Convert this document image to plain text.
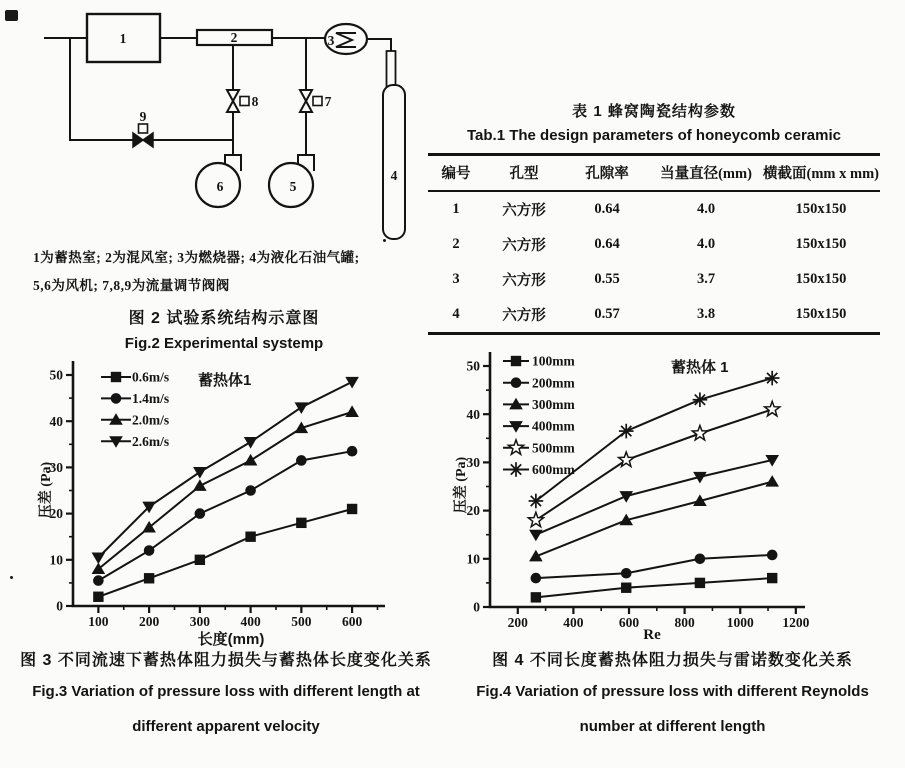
1	2	3
4
5
6
7
8
9
1为蓄热室; 2为混风室; 3为燃烧器; 4为液化石油气罐;
5,6为风机; 7,8,9为流量调节阀阀
图 2 试验系统结构示意图
Fig.2 Experimental systemp
表 1 蜂窝陶瓷结构参数
Tab.1 The design parameters of honeycomb ceramic
编号	孔型	孔隙率	当量直径(mm)	横截面(mm x mm)
1	六方形	0.64	4.0	150x150
2	六方形	0.64	4.0	150x150
3	六方形	0.55	3.7	150x150
4	六方形	0.57	3.8	150x150
0
10
20
30
40
50
100 200 300 400 500 600
0.6m/s
1.4m/s
2.0m/s
2.6m/s
蓄热体1
压差 (Pa)
长度(mm)
图 3 不同流速下蓄热体阻力损失与蓄热体长度变化关系
Fig.3 Variation of pressure loss with different length at
different apparent velocity
0
10
20
30
40
50
200	400	600	800 1000 1200
100mm
200mm
300mm
400mm
500mm
600mm
蓄热体 1
压差 (Pa)
Re
图 4 不同长度蓄热体阻力损失与雷诺数变化关系
Fig.4 Variation of pressure loss with different Reynolds
number at different length
